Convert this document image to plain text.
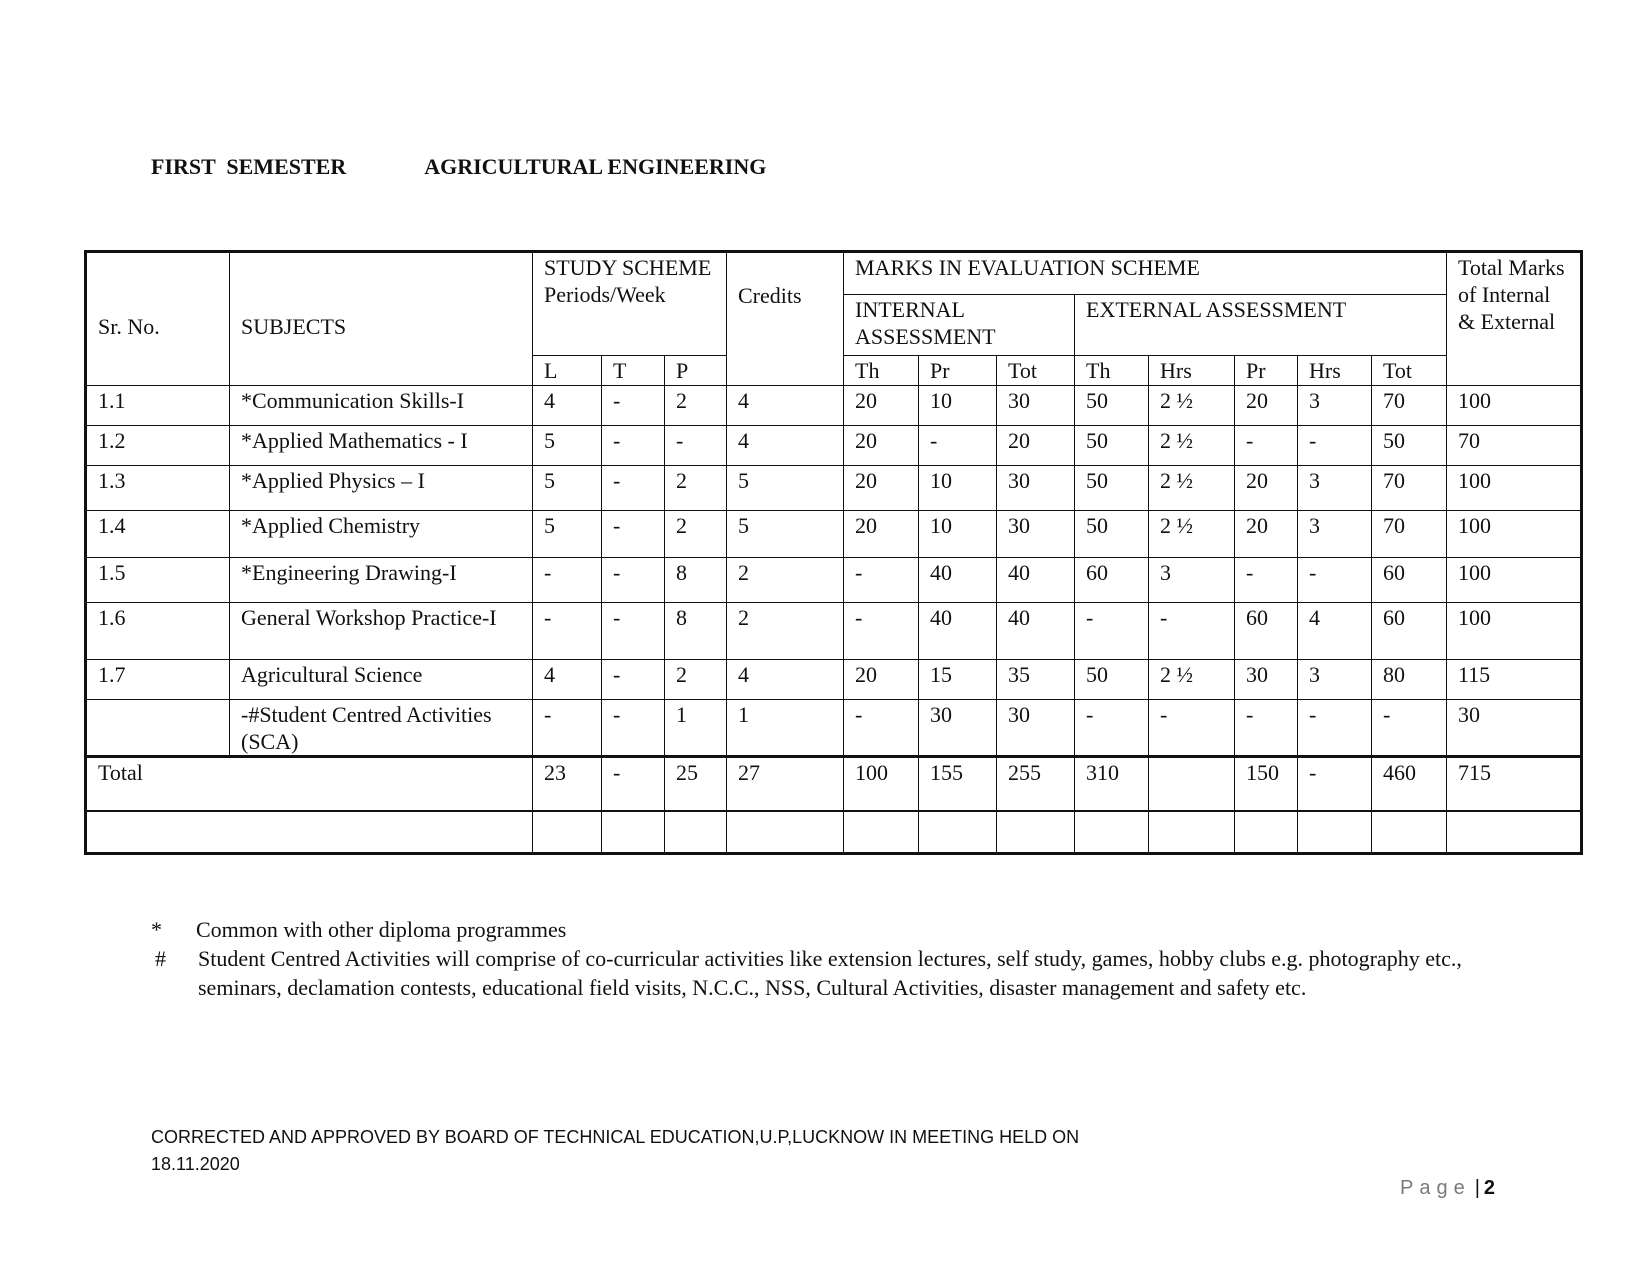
FIRST  SEMESTER	AGRICULTURAL ENGINEERING
Sr. No.	SUBJECTS	STUDY SCHEME Periods/Week			Credits	MARKS IN EVALUATION SCHEME								Total Marks of Internal & External
						INTERNAL ASSESSMENT			EXTERNAL ASSESSMENT					
		L	T	P		Th	Pr	Tot	Th	Hrs	Pr	Hrs	Tot	
1.1	*Communication Skills-I	4	-	2	4	20	10	30	50	2 ½	20	3	70	100
1.2	*Applied Mathematics - I	5	-	-	4	20	-	20	50	2 ½	-	-	50	70
1.3	*Applied Physics – I	5	-	2	5	20	10	30	50	2 ½	20	3	70	100
1.4	*Applied Chemistry	5	-	2	5	20	10	30	50	2 ½	20	3	70	100
1.5	*Engineering Drawing-I	-	-	8	2	-	40	40	60	3	-	-	60	100
1.6	General Workshop Practice-I	-	-	8	2	-	40	40	-	-	60	4	60	100
1.7	Agricultural Science	4	-	2	4	20	15	35	50	2 ½	30	3	80	115
	-#Student Centred Activities (SCA)	-	-	1	1	-	30	30	-	-	-	-	-	30
Total		23	-	25	27	100	155	255	310		150	-	460	715

*	Common with other diploma programmes
#	Student Centred Activities will comprise of co-curricular activities like extension lectures, self study, games, hobby clubs e.g. photography etc., seminars, declamation contests, educational field visits, N.C.C., NSS, Cultural Activities, disaster management and safety etc.
CORRECTED AND APPROVED BY BOARD OF TECHNICAL EDUCATION,U.P,LUCKNOW IN MEETING HELD ON
18.11.2020
Page | 2
